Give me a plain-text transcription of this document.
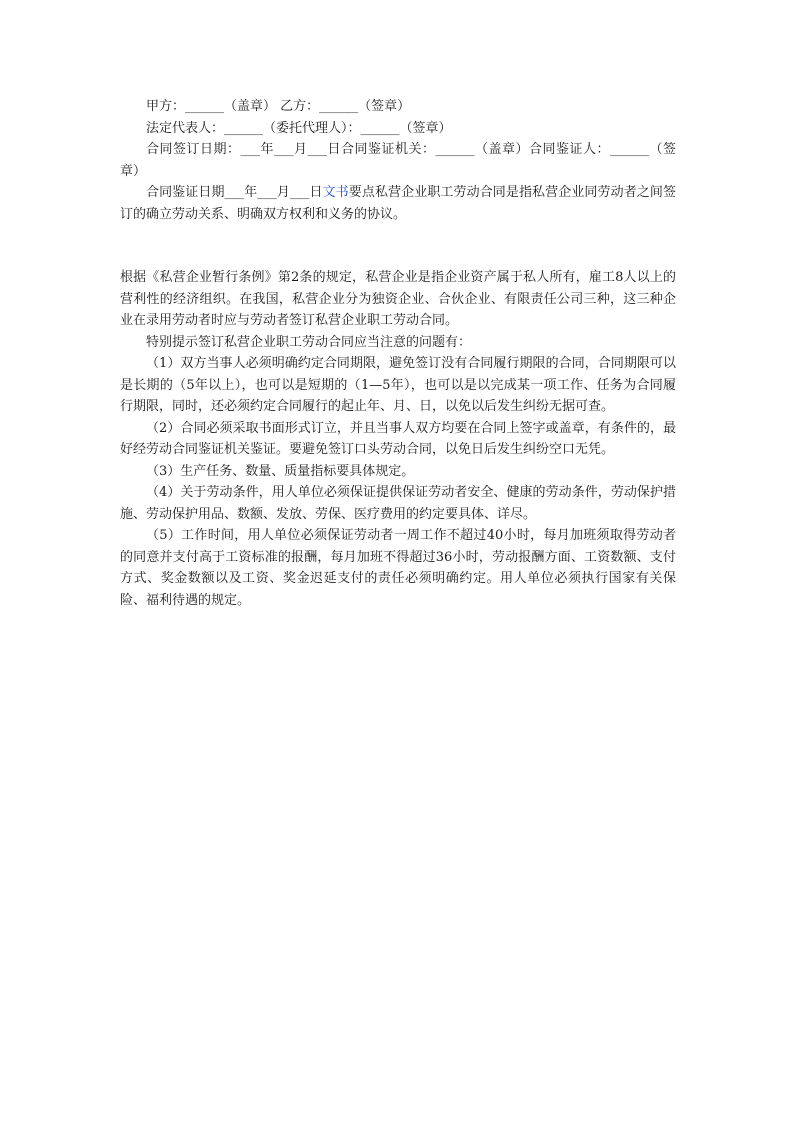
甲方：______（盖章） 乙方：______（签章）

法定代表人：______（委托代理人）：______（签章）

合同签订日期：___年___月___日合同鉴证机关：______（盖章）合同鉴证人：______（签章）

合同鉴证日期___年___月___日文书要点私营企业职工劳动合同是指私营企业同劳动者之间签订的确立劳动关系、明确双方权利和义务的协议。

根据《私营企业暂行条例》第2条的规定，私营企业是指企业资产属于私人所有，雇工8人以上的营利性的经济组织。在我国，私营企业分为独资企业、合伙企业、有限责任公司三种，这三种企业在录用劳动者时应与劳动者签订私营企业职工劳动合同。

特别提示签订私营企业职工劳动合同应当注意的问题有：

（1）双方当事人必须明确约定合同期限，避免签订没有合同履行期限的合同，合同期限可以是长期的（5年以上），也可以是短期的（1—5年），也可以是以完成某一项工作、任务为合同履行期限，同时，还必须约定合同履行的起止年、月、日，以免以后发生纠纷无据可查。

（2）合同必须采取书面形式订立，并且当事人双方均要在合同上签字或盖章，有条件的，最好经劳动合同鉴证机关鉴证。要避免签订口头劳动合同，以免日后发生纠纷空口无凭。

（3）生产任务、数量、质量指标要具体规定。

（4）关于劳动条件，用人单位必须保证提供保证劳动者安全、健康的劳动条件，劳动保护措施、劳动保护用品、数额、发放、劳保、医疗费用的约定要具体、详尽。

（5）工作时间，用人单位必须保证劳动者一周工作不超过40小时，每月加班须取得劳动者的同意并支付高于工资标准的报酬，每月加班不得超过36小时，劳动报酬方面、工资数额、支付方式、奖金数额以及工资、奖金迟延支付的责任必须明确约定。用人单位必须执行国家有关保险、福利待遇的规定。
